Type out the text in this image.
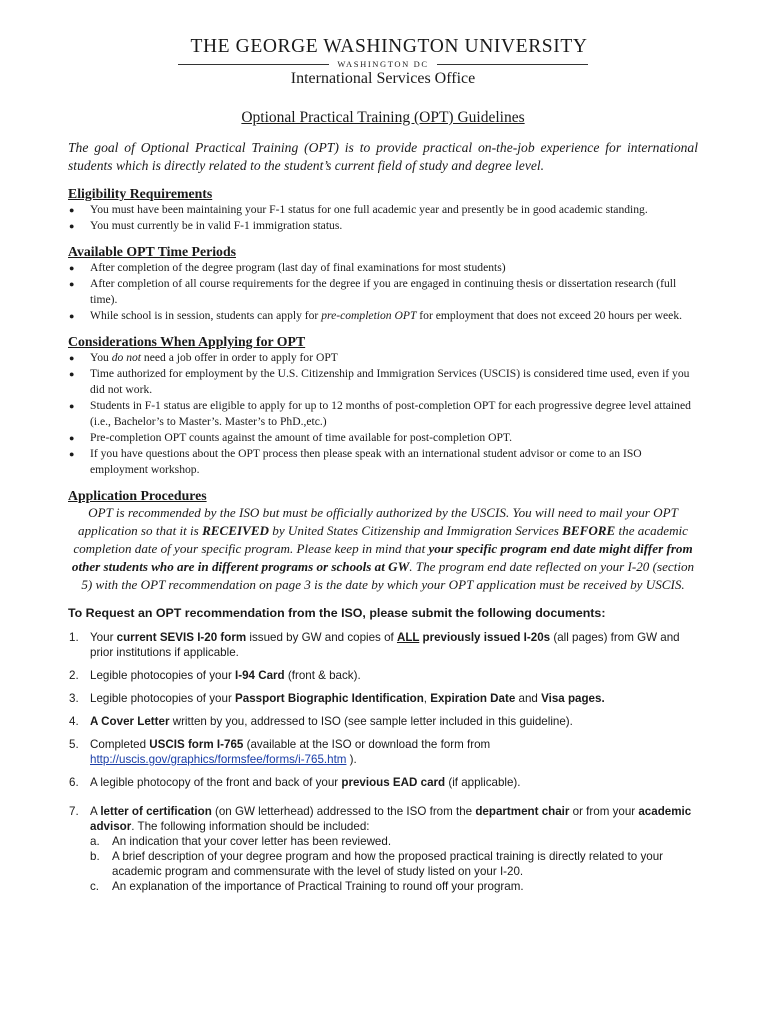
THE GEORGE WASHINGTON UNIVERSITY
WASHINGTON DC
International Services Office
Optional Practical Training (OPT) Guidelines

The goal of Optional Practical Training (OPT) is to provide practical on-the-job experience for international students which is directly related to the student’s current field of study and degree level.

Eligibility Requirements
● You must have been maintaining your F-1 status for one full academic year and presently be in good academic standing.
● You must currently be in valid F-1 immigration status.
Available OPT Time Periods
● After completion of the degree program (last day of final examinations for most students)
● After completion of all course requirements for the degree if you are engaged in continuing thesis or dissertation research (full time).
● While school is in session, students can apply for pre-completion OPT for employment that does not exceed 20 hours per week.
Considerations When Applying for OPT
● You do not need a job offer in order to apply for OPT
● Time authorized for employment by the U.S. Citizenship and Immigration Services (USCIS) is considered time used, even if you did not work.
● Students in F-1 status are eligible to apply for up to 12 months of post-completion OPT for each progressive degree level attained (i.e., Bachelor’s to Master’s. Master’s to PhD.,etc.)
● Pre-completion OPT counts against the amount of time available for post-completion OPT.
● If you have questions about the OPT process then please speak with an international student advisor or come to an ISO employment workshop.
Application Procedures

OPT is recommended by the ISO but must be officially authorized by the USCIS. You will need to mail your OPT application so that it is RECEIVED by United States Citizenship and Immigration Services BEFORE the academic completion date of your specific program. Please keep in mind that your specific program end date might differ from other students who are in different programs or schools at GW. The program end date reflected on your I-20 (section 5) with the OPT recommendation on page 3 is the date by which your OPT application must be received by USCIS.

To Request an OPT recommendation from the ISO, please submit the following documents:
1. Your current SEVIS I-20 form issued by GW and copies of ALL previously issued I-20s (all pages) from GW and prior institutions if applicable.
2. Legible photocopies of your I-94 Card (front & back).
3. Legible photocopies of your Passport Biographic Identification, Expiration Date and Visa pages.
4. A Cover Letter written by you, addressed to ISO (see sample letter included in this guideline).
5. Completed USCIS form I-765 (available at the ISO or download the form from http://uscis.gov/graphics/formsfee/forms/i-765.htm ).
6. A legible photocopy of the front and back of your previous EAD card (if applicable).
7. A letter of certification (on GW letterhead) addressed to the ISO from the department chair or from your academic advisor. The following information should be included:
a. An indication that your cover letter has been reviewed.
b. A brief description of your degree program and how the proposed practical training is directly related to your academic program and commensurate with the level of study listed on your I-20.
c. An explanation of the importance of Practical Training to round off your program.
